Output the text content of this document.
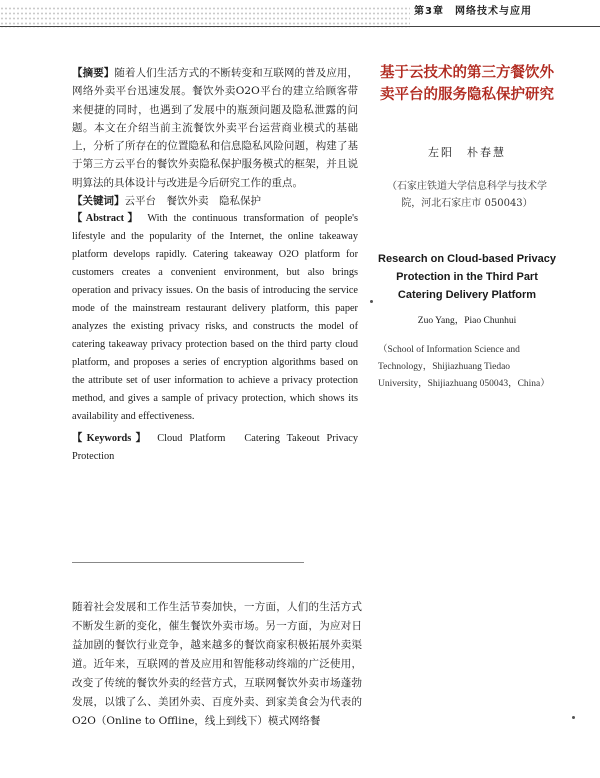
第3章　网络技术与应用

【摘要】随着人们生活方式的不断转变和互联网的普及应用，网络外卖平台迅速发展。餐饮外卖O2O平台的建立给顾客带来便捷的同时，也遇到了发展中的瓶颈问题及隐私泄露的问题。本文在介绍当前主流餐饮外卖平台运营商业模式的基础上，分析了所存在的位置隐私和信息隐私风险问题，构建了基于第三方云平台的餐饮外卖隐私保护服务模式的框架，并且说明算法的具体设计与改进是今后研究工作的重点。

【关键词】云平台　餐饮外卖　隐私保护

【Abstract】 With the continuous transformation of people's lifestyle and the popularity of the Internet, the online takeaway platform develops rapidly. Catering takeaway O2O platform for customers creates a convenient environment, but also brings operation and privacy issues. On the basis of introducing the service mode of the mainstream restaurant delivery platform, this paper analyzes the existing privacy risks, and constructs the model of catering takeaway privacy protection based on the third party cloud platform, and proposes a series of encryption algorithms based on the attribute set of user information to achieve a privacy protection method, and gives a sample of privacy protection, which shows its availability and effectiveness.

【Keywords】 Cloud Platform　Catering Takeout Privacy Protection

随着社会发展和工作生活节奏加快，一方面，人们的生活方式不断发生新的变化，催生餐饮外卖市场。另一方面，为应对日益加剧的餐饮行业竞争，越来越多的餐饮商家积极拓展外卖渠道。近年来，互联网的普及应用和智能移动终端的广泛使用，改变了传统的餐饮外卖的经营方式，互联网餐饮外卖市场蓬勃发展，以饿了么、美团外卖、百度外卖、到家美食会为代表的O2O（Online to Offline，线上到线下）模式网络餐

基于云技术的第三方餐饮外卖平台的服务隐私保护研究

左阳　朴春慧
（石家庄铁道大学信息科学与技术学院，河北石家庄市 050043）
Research on Cloud-based Privacy Protection in the Third Part Catering Delivery Platform
Zuo Yang，Piao Chunhui
（School of Information Science and Technology，Shijiazhuang Tiedao University，Shijiazhuang 050043，China）
